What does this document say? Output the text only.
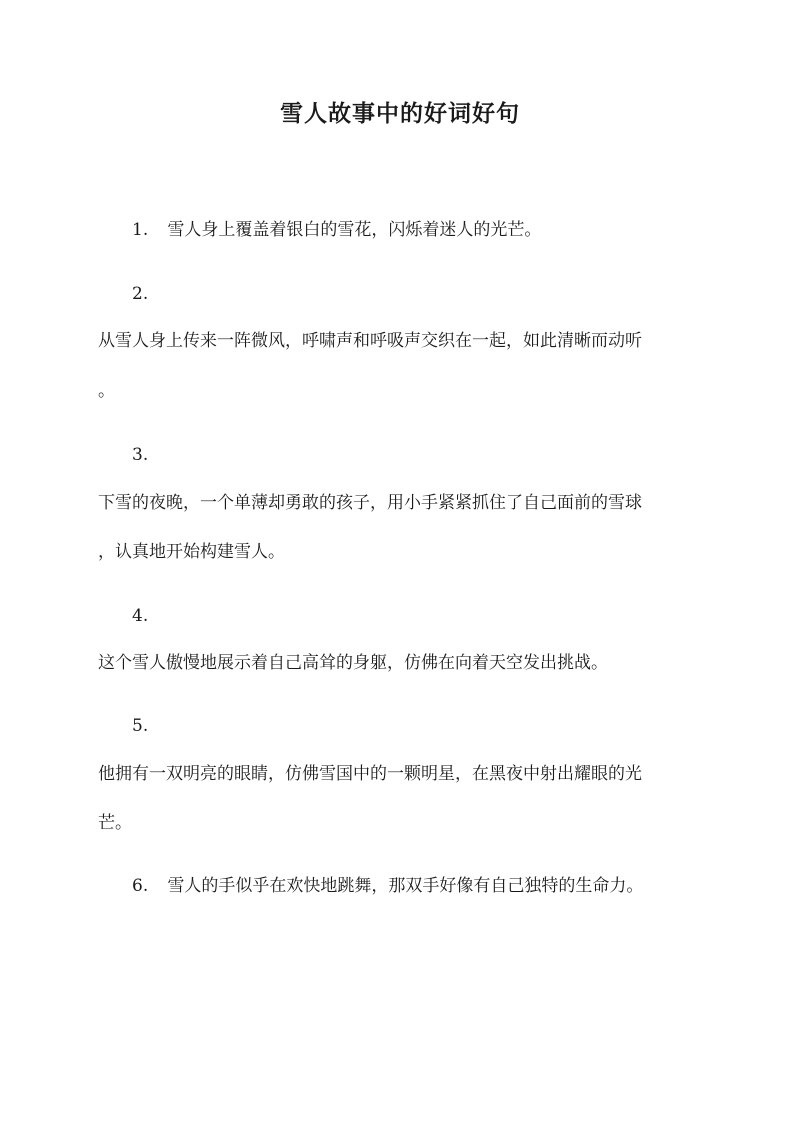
雪人故事中的好词好句
1. 雪人身上覆盖着银白的雪花，闪烁着迷人的光芒。
2.
从雪人身上传来一阵微风，呼啸声和呼吸声交织在一起，如此清晰而动听
。
3.
下雪的夜晚，一个单薄却勇敢的孩子，用小手紧紧抓住了自己面前的雪球
，认真地开始构建雪人。
4.
这个雪人傲慢地展示着自己高耸的身躯，仿佛在向着天空发出挑战。
5.
他拥有一双明亮的眼睛，仿佛雪国中的一颗明星，在黑夜中射出耀眼的光
芒。
6. 雪人的手似乎在欢快地跳舞，那双手好像有自己独特的生命力。
